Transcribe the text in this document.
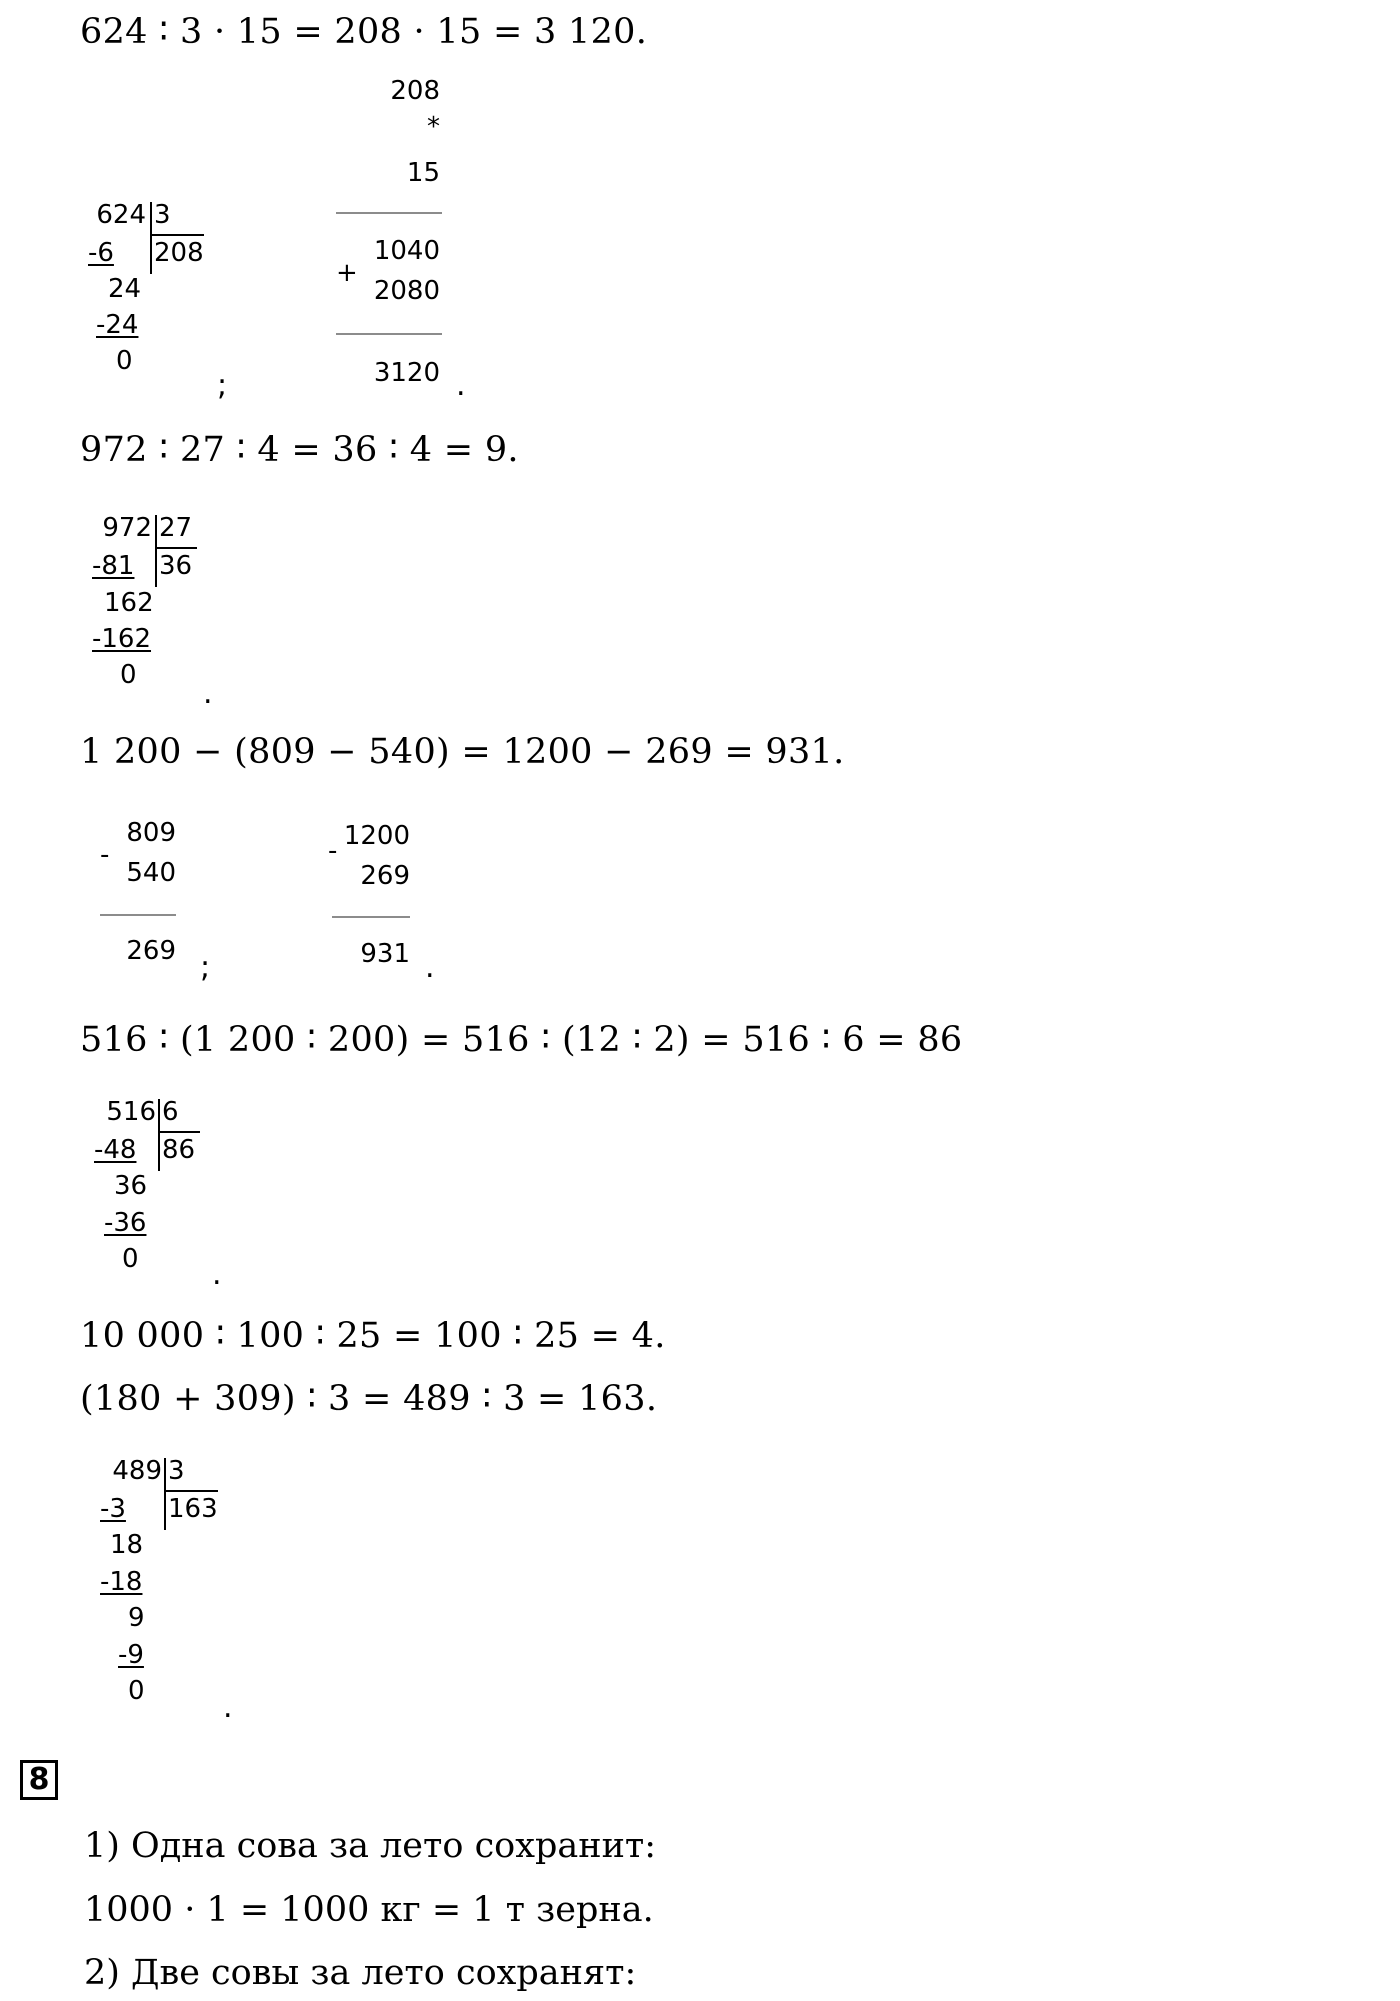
624 ∶ 3 · 15 = 208 · 15 = 3 120.

624 3
208
-6
24
-24
0
;
208
*
15
1040
+
2080
3120 .

972 ∶ 27 ∶ 4 = 36 ∶ 4 = 9.

972 27
36
-81
162
-162
0
.

1 200 − (809 − 540) = 1200 − 269 = 931.

-
809
540
269 ;
- 1200
269
931 .

516 ∶ (1 200 ∶ 200) = 516 ∶ (12 ∶ 2) = 516 ∶ 6 = 86

516 6
86
-48
36
-36
0 .

10 000 ∶ 100 ∶ 25 = 100 ∶ 25 = 4.

(180 + 309) ∶ 3 = 489 ∶ 3 = 163.

489 3
163
-3
18
-18
9
-9
0	.
8

1) Одна сова за лето сохранит:

1000 · 1 = 1000 кг = 1 т зерна.

2) Две совы за лето сохранят:
